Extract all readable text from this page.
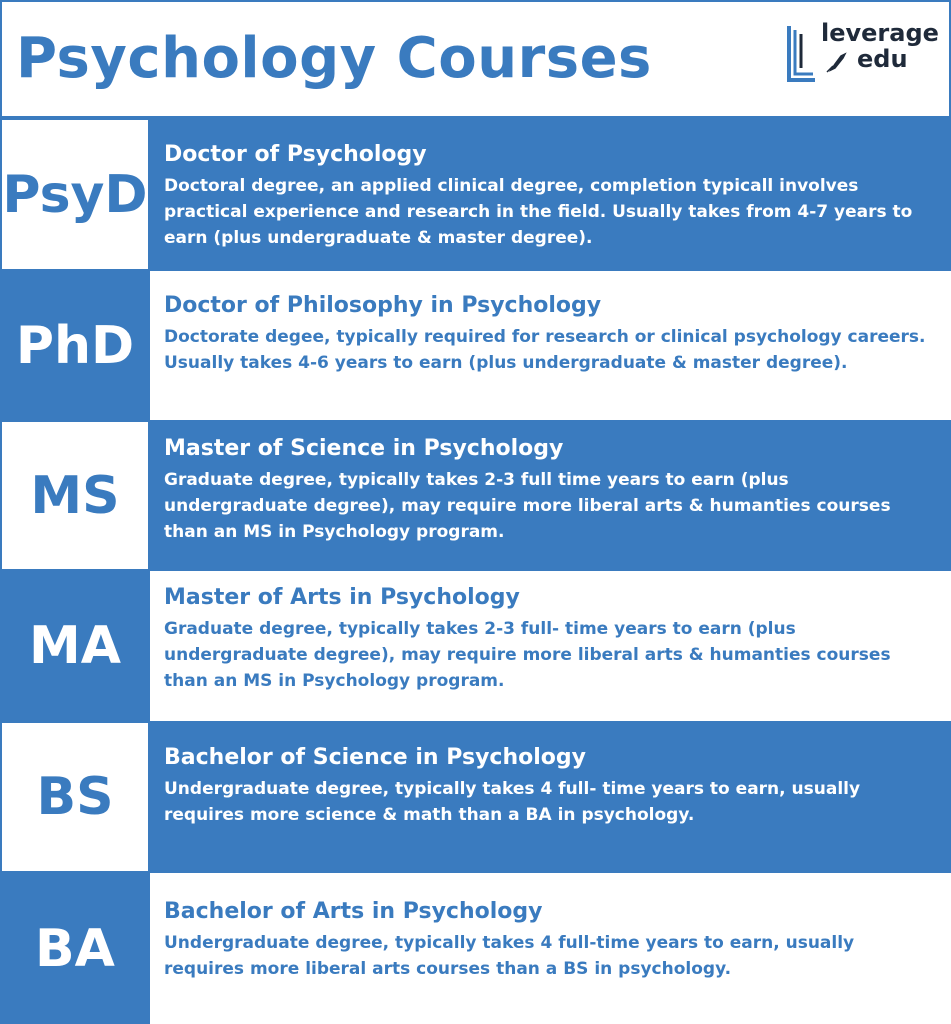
Psychology Courses	leverage
edu
PsyD

Doctor of Psychology

Doctoral degree, an applied clinical degree, completion typicall involves practical experience and research in the field. Usually takes from 4-7 years to earn (plus undergraduate & master degree).

PhD

Doctor of Philosophy in Psychology

Doctorate degee, typically required for research or clinical psychology careers. Usually takes 4-6 years to earn (plus undergraduate & master degree).

MS

Master of Science in Psychology

Graduate degree, typically takes 2-3 full time years to earn (plus undergraduate degree), may require more liberal arts & humanties courses than an MS in Psychology program.

MA

Master of Arts in Psychology

Graduate degree, typically takes 2-3 full- time years to earn (plus undergraduate degree), may require more liberal arts & humanties courses than an MS in Psychology program.

BS

Bachelor of Science in Psychology

Undergraduate degree, typically takes 4 full- time years to earn, usually requires more science & math than a BA in psychology.

BA

Bachelor of Arts in Psychology

Undergraduate degree, typically takes 4 full-time years to earn, usually requires more liberal arts courses than a BS in psychology.
